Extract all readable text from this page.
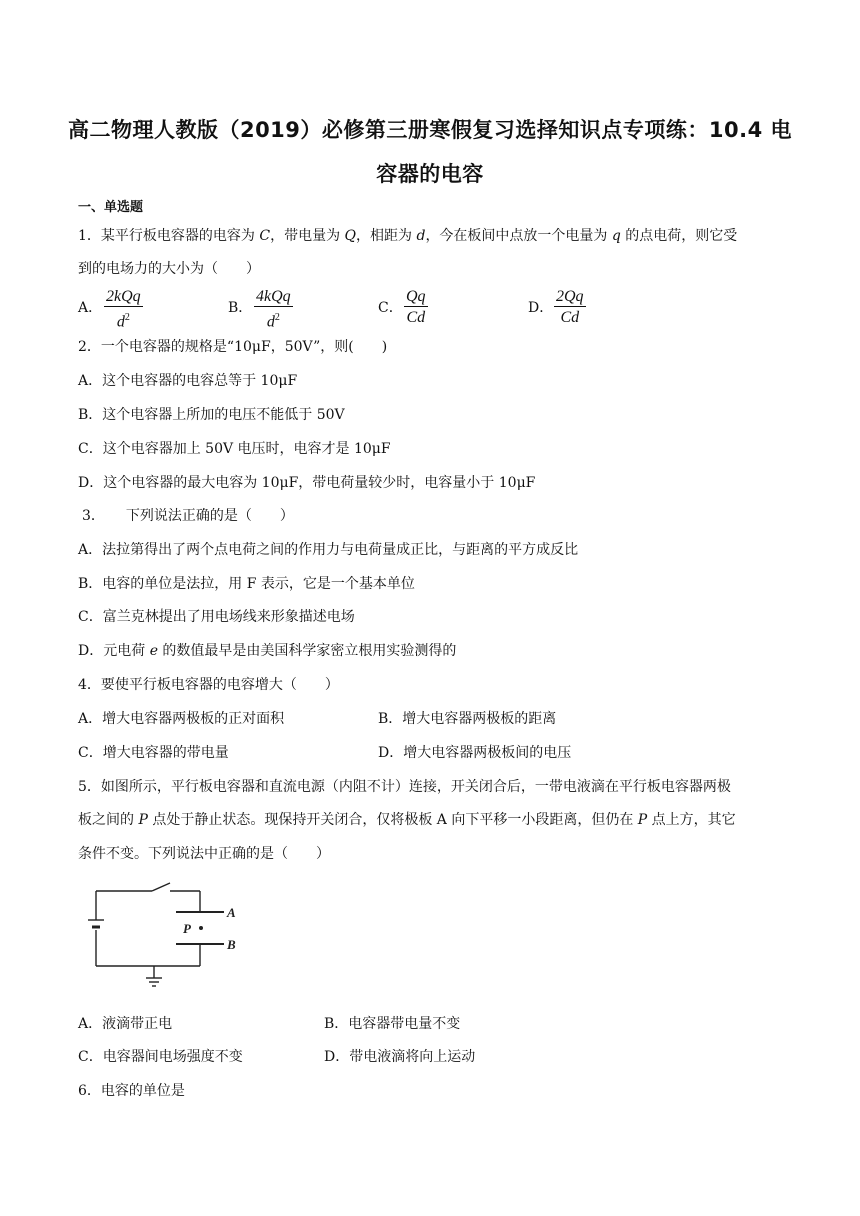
高二物理人教版（2019）必修第三册寒假复习选择知识点专项练：10.4 电
容器的电容
一、单选题
1．某平行板电容器的电容为 C，带电量为 Q，相距为 d，今在板间中点放一个电量为 q 的点电荷，则它受
到的电场力的大小为（　　）
A．
2kQq
$d^2$
B．
4kQq
$d^2$
C． $\frac{Qq}{Cd}$	D． $\frac{2Qq}{Cd}$
2．一个电容器的规格是“10μF，50V”，则(　　)
A．这个电容器的电容总等于 10μF
B．这个电容器上所加的电压不能低于 50V
C．这个电容器加上 50V 电压时，电容才是 10μF
D．这个电容器的最大电容为 10μF，带电荷量较少时，电容量小于 10μF
3．　　下列说法正确的是（　　）
A．法拉第得出了两个点电荷之间的作用力与电荷量成正比，与距离的平方成反比
B．电容的单位是法拉，用 F 表示，它是一个基本单位
C．富兰克林提出了用电场线来形象描述电场
D．元电荷 e 的数值最早是由美国科学家密立根用实验测得的
4．要使平行板电容器的电容增大（　　）
A．增大电容器两极板的正对面积	B．增大电容器两极板的距离
C．增大电容器的带电量	D．增大电容器两极板间的电压
5．如图所示，平行板电容器和直流电源（内阻不计）连接，开关闭合后，一带电液滴在平行板电容器两极
板之间的 P 点处于静止状态。现保持开关闭合，仅将极板 A 向下平移一小段距离，但仍在 P 点上方，其它
条件不变。下列说法中正确的是（　　）
P
A
B
A．液滴带正电	B．电容器带电量不变
C．电容器间电场强度不变	D．带电液滴将向上运动
6．电容的单位是
